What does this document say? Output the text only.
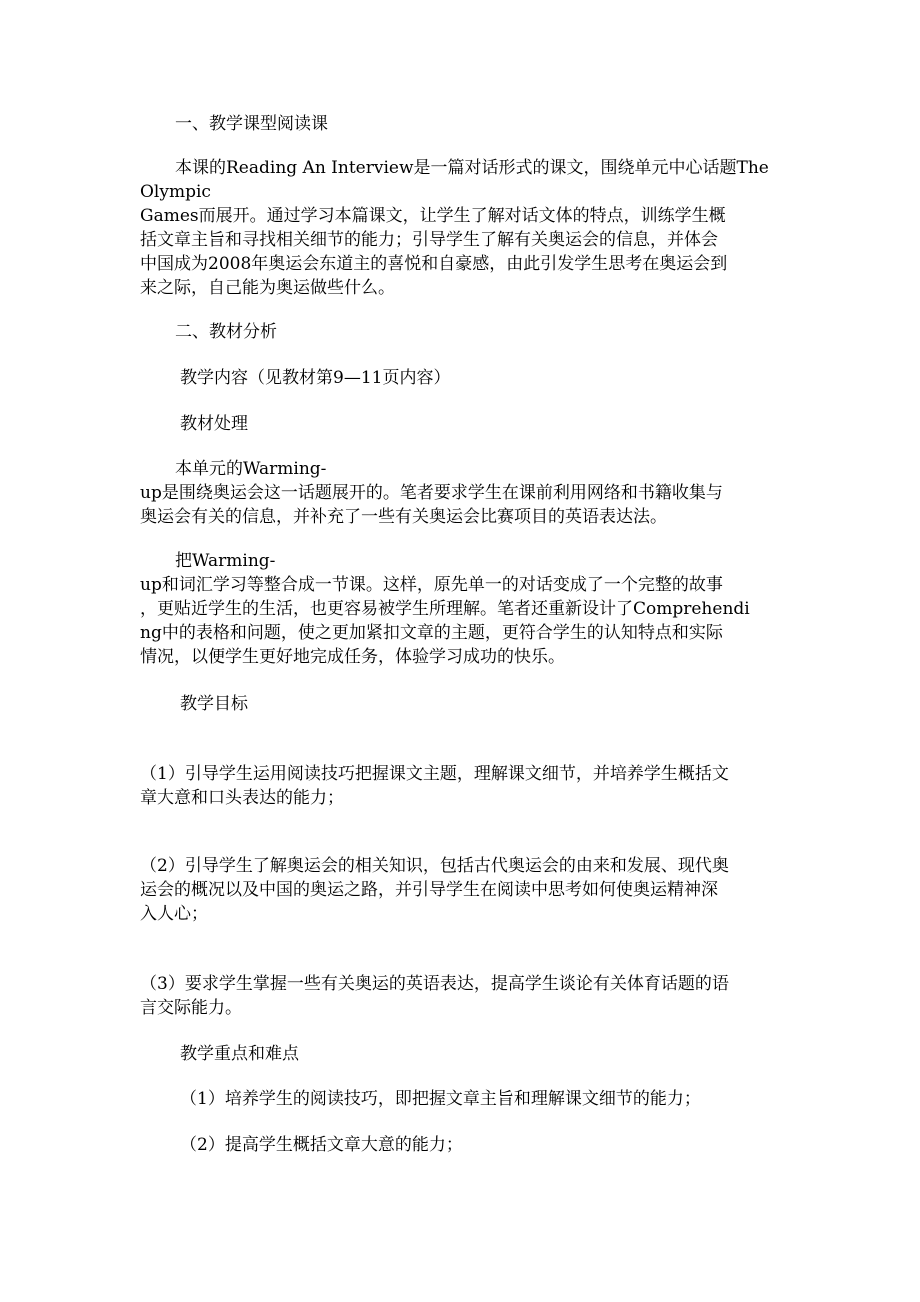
一、教学课型阅读课

本课的Reading An Interview是一篇对话形式的课文，围绕单元中心话题The

Olympic

Games而展开。通过学习本篇课文，让学生了解对话文体的特点，训练学生概

括文章主旨和寻找相关细节的能力；引导学生了解有关奥运会的信息，并体会

中国成为2008年奥运会东道主的喜悦和自豪感，由此引发学生思考在奥运会到

来之际，自己能为奥运做些什么。

二、教材分析

教学内容（见教材第9—11页内容）

教材处理

本单元的Warming-

up是围绕奥运会这一话题展开的。笔者要求学生在课前利用网络和书籍收集与

奥运会有关的信息，并补充了一些有关奥运会比赛项目的英语表达法。

把Warming-

up和词汇学习等整合成一节课。这样，原先单一的对话变成了一个完整的故事

，更贴近学生的生活，也更容易被学生所理解。笔者还重新设计了Comprehendi

ng中的表格和问题，使之更加紧扣文章的主题，更符合学生的认知特点和实际

情况，以便学生更好地完成任务，体验学习成功的快乐。

教学目标

（1）引导学生运用阅读技巧把握课文主题，理解课文细节，并培养学生概括文

章大意和口头表达的能力；

（2）引导学生了解奥运会的相关知识，包括古代奥运会的由来和发展、现代奥

运会的概况以及中国的奥运之路，并引导学生在阅读中思考如何使奥运精神深

入人心；

（3）要求学生掌握一些有关奥运的英语表达，提高学生谈论有关体育话题的语

言交际能力。

教学重点和难点

（1）培养学生的阅读技巧，即把握文章主旨和理解课文细节的能力；

（2）提高学生概括文章大意的能力；
